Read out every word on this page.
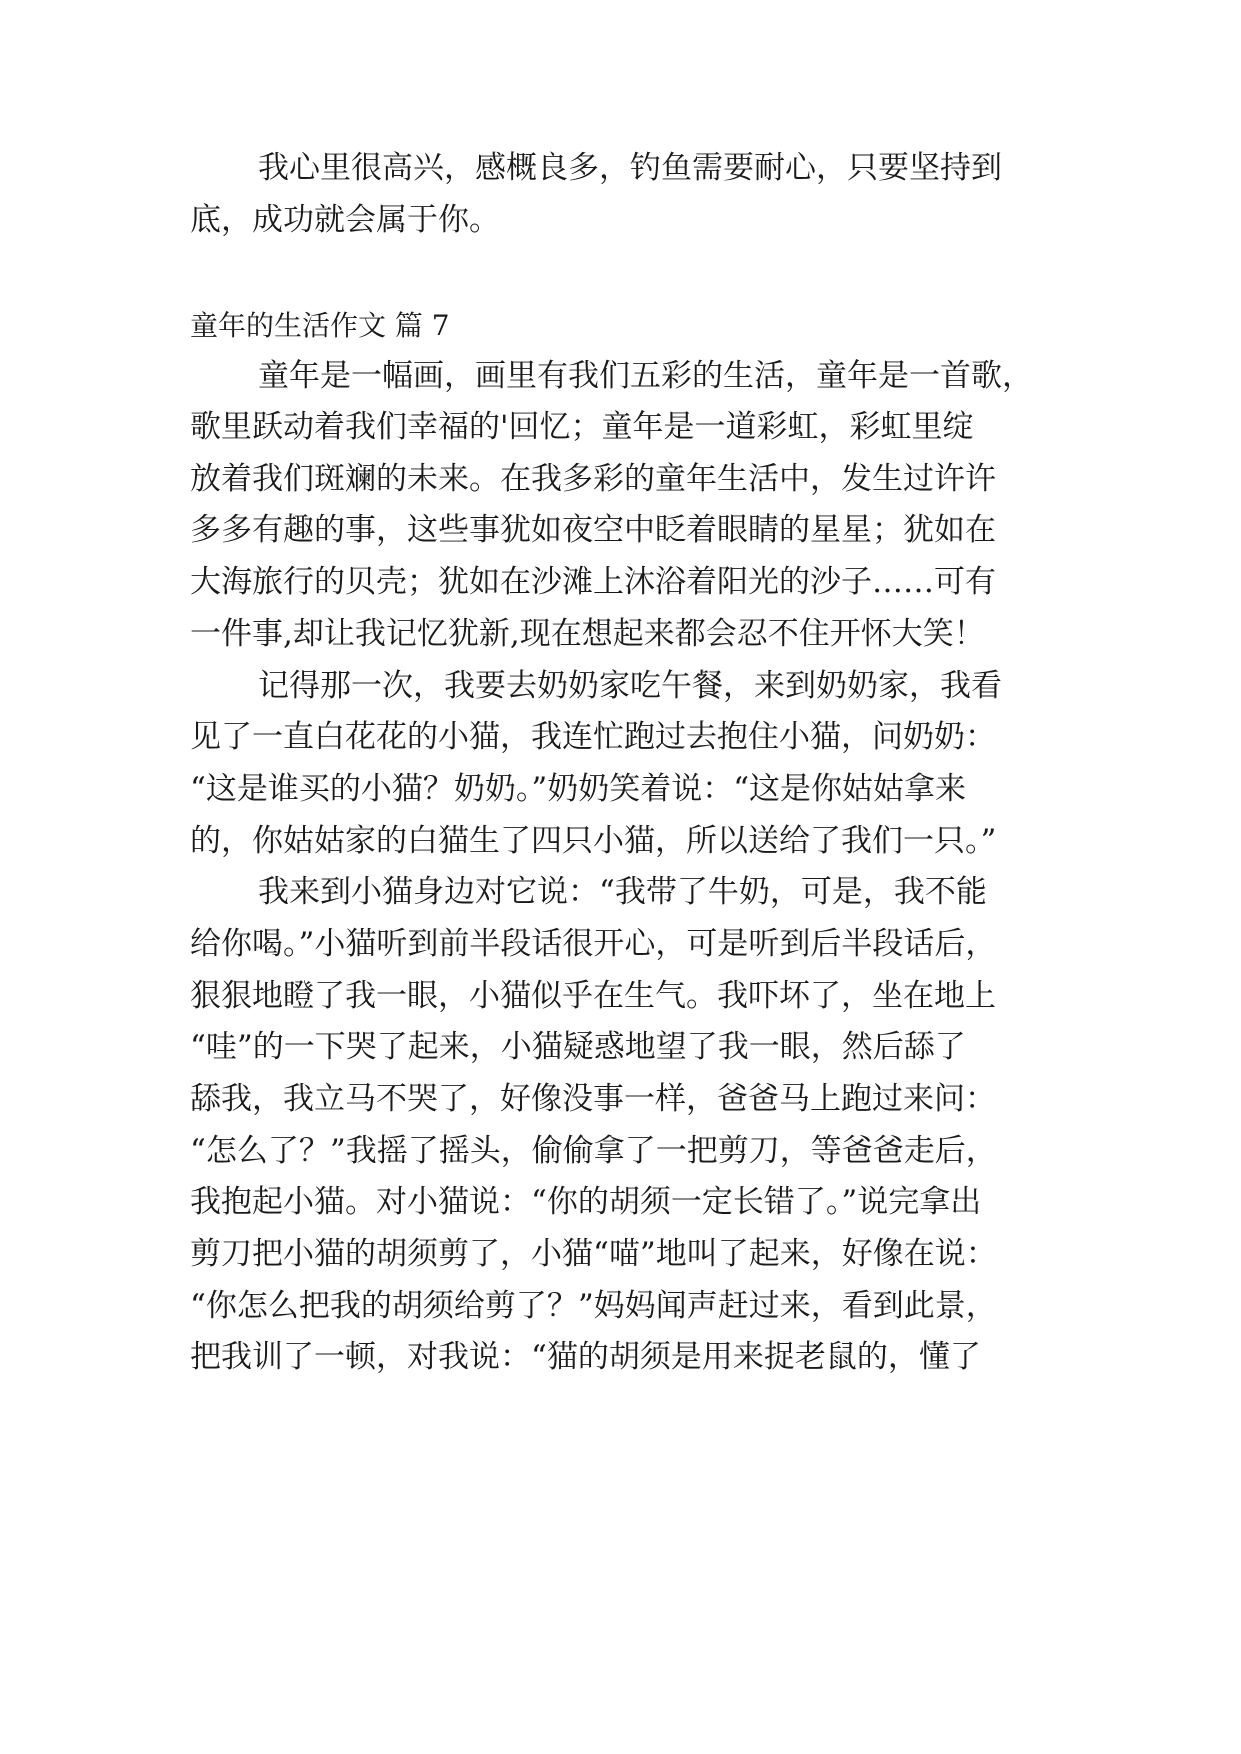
我心里很高兴，感概良多，钓鱼需要耐心，只要坚持到
底，成功就会属于你。
童年的生活作文 篇 7
童年是一幅画，画里有我们五彩的生活，童年是一首歌，
歌里跃动着我们幸福的'回忆；童年是一道彩虹，彩虹里绽
放着我们斑斓的未来。在我多彩的童年生活中，发生过许许
多多有趣的事，这些事犹如夜空中眨着眼睛的星星；犹如在
大海旅行的贝壳；犹如在沙滩上沐浴着阳光的沙子……可有
一件事,却让我记忆犹新,现在想起来都会忍不住开怀大笑！
记得那一次，我要去奶奶家吃午餐，来到奶奶家，我看
见了一直白花花的小猫，我连忙跑过去抱住小猫，问奶奶：
“这是谁买的小猫？奶奶。”奶奶笑着说：“这是你姑姑拿来
的，你姑姑家的白猫生了四只小猫，所以送给了我们一只。”
我来到小猫身边对它说：“我带了牛奶，可是，我不能
给你喝。”小猫听到前半段话很开心，可是听到后半段话后，
狠狠地瞪了我一眼，小猫似乎在生气。我吓坏了，坐在地上
“哇”的一下哭了起来，小猫疑惑地望了我一眼，然后舔了
舔我，我立马不哭了，好像没事一样，爸爸马上跑过来问：
“怎么了？”我摇了摇头，偷偷拿了一把剪刀，等爸爸走后，
我抱起小猫。对小猫说：“你的胡须一定长错了。”说完拿出
剪刀把小猫的胡须剪了，小猫“喵”地叫了起来，好像在说：
“你怎么把我的胡须给剪了？”妈妈闻声赶过来，看到此景，
把我训了一顿，对我说：“猫的胡须是用来捉老鼠的，懂了
